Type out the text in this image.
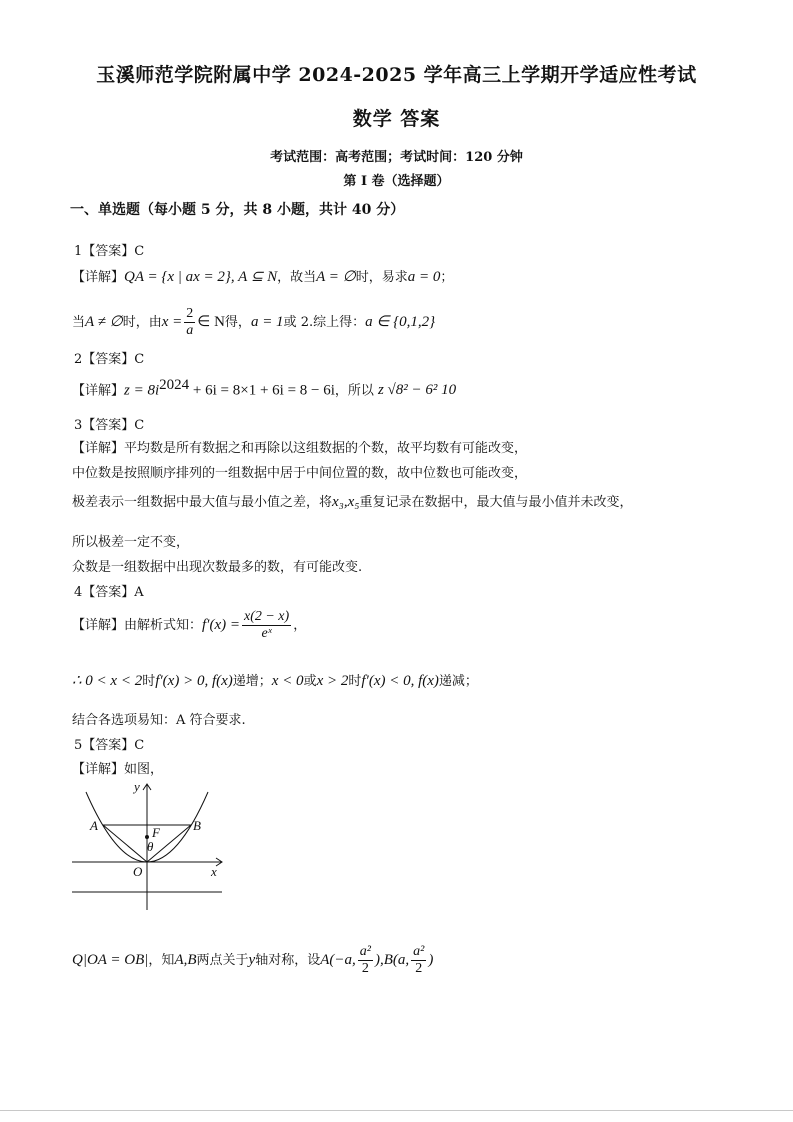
玉溪师范学院附属中学 2024-2025 学年高三上学期开学适应性考试
数学 答案
考试范围：高考范围；考试时间：120 分钟
第 I 卷（选择题）
一、单选题（每小题 5 分，共 8 小题，共计 40 分）
1【答案】C
【详解】QA = {x | ax = 2}, A ⊆ N，故当A = ∅时，易求a = 0；
当A ≠ ∅时，由$x = \frac{2}{a}$ ∈ N得，a = 1或 2.综上得：a ∈ {0,1,2}
2【答案】C
【详解】$z = 8i^{2024} + 6i = 8\times 1 + 6i = 8 - 6i$，所以 z √8² − 6² 10
3【答案】C
【详解】平均数是所有数据之和再除以这组数据的个数，故平均数有可能改变，
中位数是按照顺序排列的一组数据中居于中间位置的数，故中位数也可能改变，
极差表示一组数据中最大值与最小值之差，将x₃,x₅重复记录在数据中，最大值与最小值并未改变，
所以极差一定不变，
众数是一组数据中出现次数最多的数，有可能改变.
4【答案】A
【详解】由解析式知：$f'(x) = \frac{x(2 - x)}{\text{eˣ}}$ ，
∴ 0 < x < 2时f′(x) > 0, f(x)递增；x < 0或x > 2时f′(x) < 0, f(x)递减；
结合各选项易知：A 符合要求.
5【答案】C
【详解】如图，
y
x
A	B
F
θ
O
Q|OA = OB|，知A,B两点关于y轴对称，设A(−a, $\frac{\text{a²}}{2} ),B(a$, $\frac{\text{a²}}{2}$ )
